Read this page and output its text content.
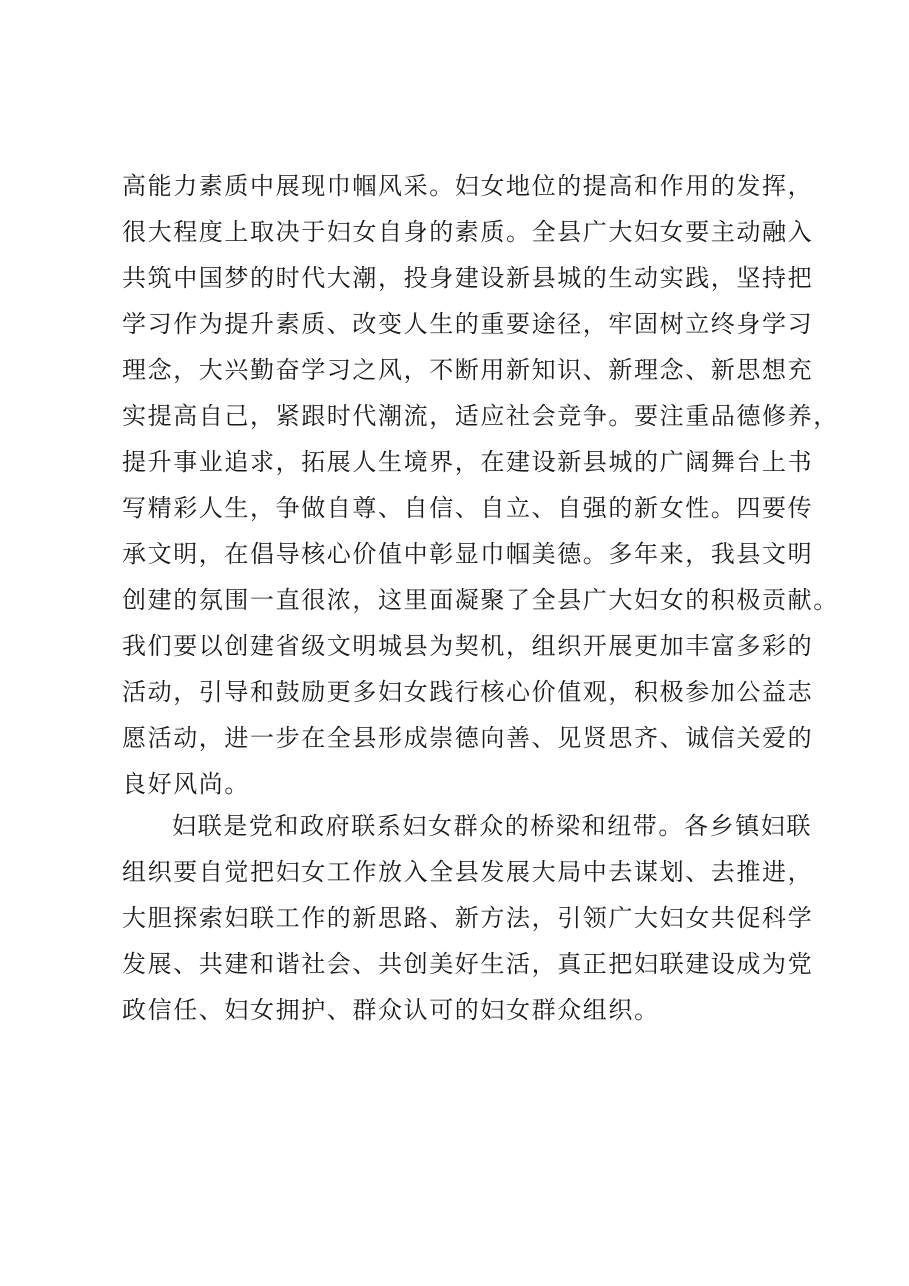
高能力素质中展现巾帼风采。妇女地位的提高和作用的发挥，
很大程度上取决于妇女自身的素质。全县广大妇女要主动融入
共筑中国梦的时代大潮，投身建设新县城的生动实践，坚持把
学习作为提升素质、改变人生的重要途径，牢固树立终身学习
理念，大兴勤奋学习之风，不断用新知识、新理念、新思想充
实提高自己，紧跟时代潮流，适应社会竞争。要注重品德修养，
提升事业追求，拓展人生境界，在建设新县城的广阔舞台上书
写精彩人生，争做自尊、自信、自立、自强的新女性。四要传
承文明，在倡导核心价值中彰显巾帼美德。多年来，我县文明
创建的氛围一直很浓，这里面凝聚了全县广大妇女的积极贡献。
我们要以创建省级文明城县为契机，组织开展更加丰富多彩的
活动，引导和鼓励更多妇女践行核心价值观，积极参加公益志
愿活动，进一步在全县形成崇德向善、见贤思齐、诚信关爱的
良好风尚。
妇联是党和政府联系妇女群众的桥梁和纽带。各乡镇妇联
组织要自觉把妇女工作放入全县发展大局中去谋划、去推进，
大胆探索妇联工作的新思路、新方法，引领广大妇女共促科学
发展、共建和谐社会、共创美好生活，真正把妇联建设成为党
政信任、妇女拥护、群众认可的妇女群众组织。
